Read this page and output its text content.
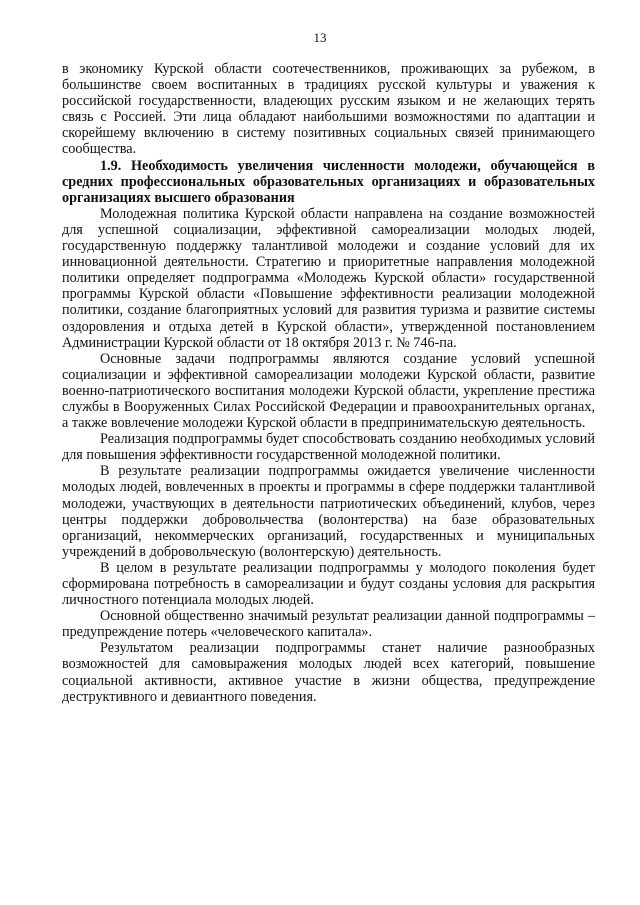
13

в экономику Курской области соотечественников, проживающих за рубежом, в большинстве своем воспитанных в традициях русской культуры и уважения к российской государственности, владеющих русским языком и не желающих терять связь с Россией. Эти лица обладают наибольшими возможностями по адаптации и скорейшему включению в систему позитивных социальных связей принимающего сообщества.

1.9. Необходимость увеличения численности молодежи, обучающейся в средних профессиональных образовательных организациях и образовательных организациях высшего образования

Молодежная политика Курской области направлена на создание возможностей для успешной социализации, эффективной самореализации молодых людей, государственную поддержку талантливой молодежи и создание условий для их инновационной деятельности. Стратегию и приоритетные направления молодежной политики определяет подпрограмма «Молодежь Курской области» государственной программы Курской области «Повышение эффективности реализации молодежной политики, создание благоприятных условий для развития туризма и развитие системы оздоровления и отдыха детей в Курской области», утвержденной постановлением Администрации Курской области от 18 октября 2013 г. № 746-па.

Основные задачи подпрограммы являются создание условий успешной социализации и эффективной самореализации молодежи Курской области, развитие военно-патриотического воспитания молодежи Курской области, укрепление престижа службы в Вооруженных Силах Российской Федерации и правоохранительных органах, а также вовлечение молодежи Курской области в предпринимательскую деятельность.

Реализация подпрограммы будет способствовать созданию необходимых условий для повышения эффективности государственной молодежной политики.

В результате реализации подпрограммы ожидается увеличение численности молодых людей, вовлеченных в проекты и программы в сфере поддержки талантливой молодежи, участвующих в деятельности патриотических объединений, клубов, через центры поддержки добровольчества (волонтерства) на базе образовательных организаций, некоммерческих организаций, государственных и муниципальных учреждений в добровольческую (волонтерскую) деятельность.

В целом в результате реализации подпрограммы у молодого поколения будет сформирована потребность в самореализации и будут созданы условия для раскрытия личностного потенциала молодых людей.

Основной общественно значимый результат реализации данной подпрограммы – предупреждение потерь «человеческого капитала».

Результатом реализации подпрограммы станет наличие разнообразных возможностей для самовыражения молодых людей всех категорий, повышение социальной активности, активное участие в жизни общества, предупреждение деструктивного и девиантного поведения.
